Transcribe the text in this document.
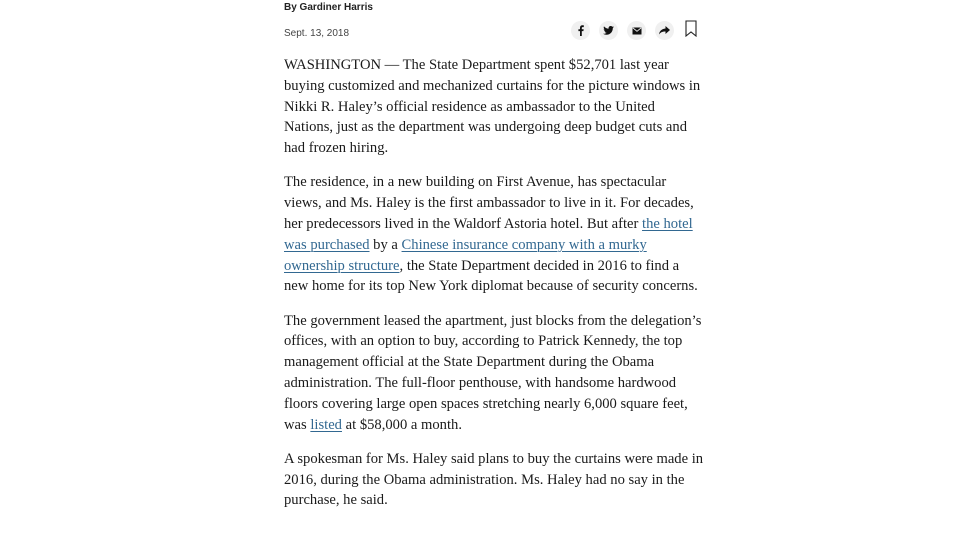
By Gardiner Harris
Sept. 13, 2018

WASHINGTON — The State Department spent $52,701 last year buying customized and mechanized curtains for the picture windows in Nikki R. Haley’s official residence as ambassador to the United Nations, just as the department was undergoing deep budget cuts and had frozen hiring.

The residence, in a new building on First Avenue, has spectacular views, and Ms. Haley is the first ambassador to live in it. For decades, her predecessors lived in the Waldorf Astoria hotel. But after the hotel was purchased by a Chinese insurance company with a murky ownership structure, the State Department decided in 2016 to find a new home for its top New York diplomat because of security concerns.

The government leased the apartment, just blocks from the delegation’s offices, with an option to buy, according to Patrick Kennedy, the top management official at the State Department during the Obama administration. The full-floor penthouse, with handsome hardwood floors covering large open spaces stretching nearly 6,000 square feet, was listed at $58,000 a month.

A spokesman for Ms. Haley said plans to buy the curtains were made in 2016, during the Obama administration. Ms. Haley had no say in the purchase, he said.
